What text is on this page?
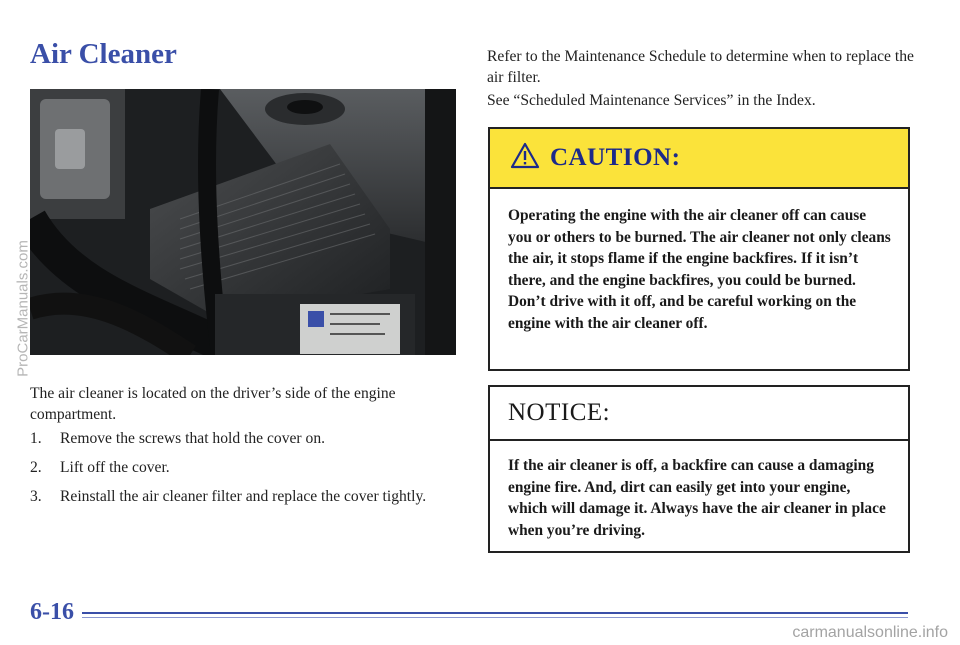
Air Cleaner

The air cleaner is located on the driver’s side of the engine compartment.

1. Remove the screws that hold the cover on.
2. Lift off the cover.
3. Reinstall the air cleaner filter and replace the cover tightly.

Refer to the Maintenance Schedule to determine when to replace the air filter.

See “Scheduled Maintenance Services” in the Index.

CAUTION:

Operating the engine with the air cleaner off can cause you or others to be burned. The air cleaner not only cleans the air, it stops flame if the engine backfires. If it isn’t there, and the engine backfires, you could be burned. Don’t drive with it off, and be careful working on the engine with the air cleaner off.

NOTICE:

If the air cleaner is off, a backfire can cause a damaging engine fire. And, dirt can easily get into your engine, which will damage it. Always have the air cleaner in place when you’re driving.

6-16
ProCarManuals.com
carmanualsonline.info
